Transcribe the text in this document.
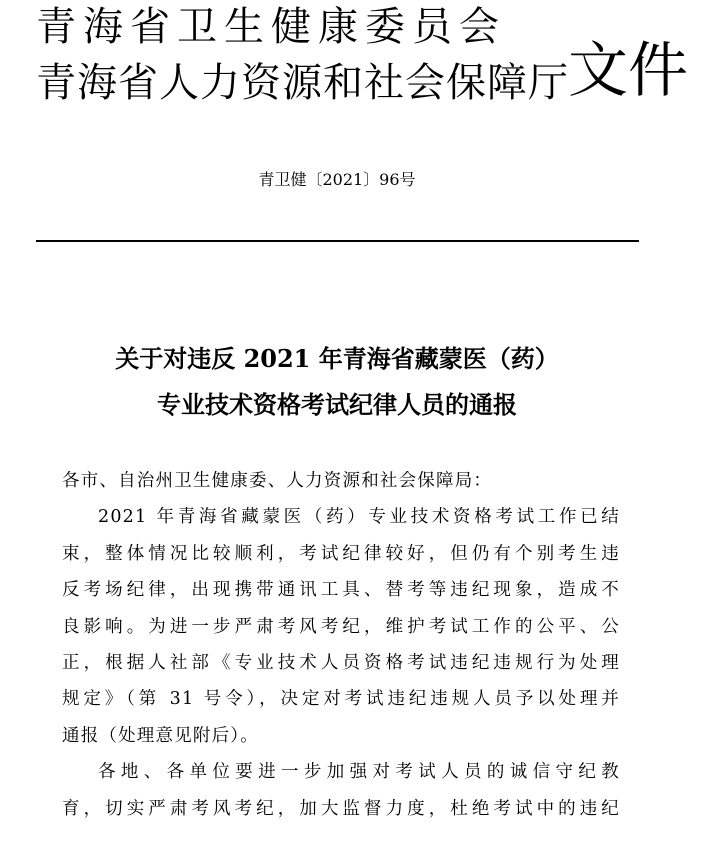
青海省卫生健康委员会
青海省人力资源和社会保障厅 文件
青卫健〔2021〕96号
关于对违反 2021 年青海省藏蒙医（药）
专业技术资格考试纪律人员的通报
各市、自治州卫生健康委、人力资源和社会保障局：
2021 年青海省藏蒙医（药）专业技术资格考试工作已结
束，整体情况比较顺利，考试纪律较好，但仍有个别考生违
反考场纪律，出现携带通讯工具、替考等违纪现象，造成不
良影响。为进一步严肃考风考纪，维护考试工作的公平、公
正，根据人社部《专业技术人员资格考试违纪违规行为处理
规定》（第 31 号令），决定对考试违纪违规人员予以处理并
通报（处理意见附后）。
各地、各单位要进一步加强对考试人员的诚信守纪教
育，切实严肃考风考纪，加大监督力度，杜绝考试中的违纪
